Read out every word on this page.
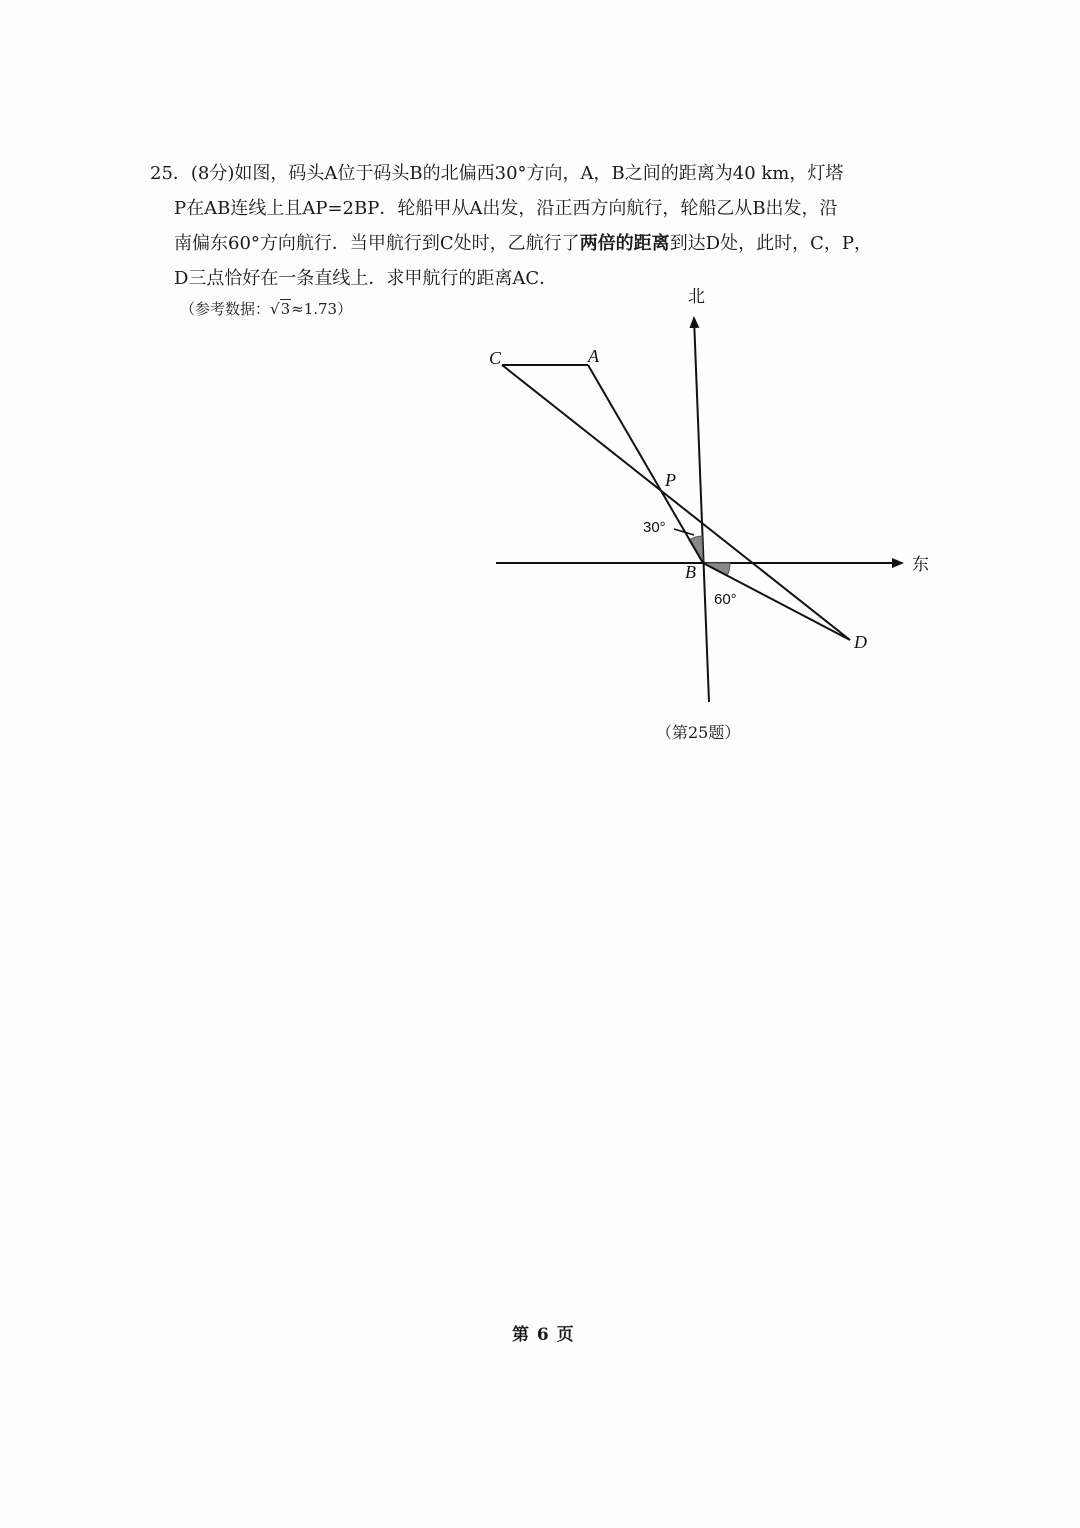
25．(8分)如图，码头A位于码头B的北偏西30°方向，A，B之间的距离为40 km，灯塔
P在AB连线上且AP=2BP．轮船甲从A出发，沿正西方向航行，轮船乙从B出发，沿
南偏东60°方向航行．当甲航行到C处时，乙航行了两倍的距离到达D处，此时，C，P，
D三点恰好在一条直线上．求甲航行的距离AC．
（参考数据：√3≈1.73）
北
东
C	A
P
B
D
30°
60°
（第25题）
第 6 页
